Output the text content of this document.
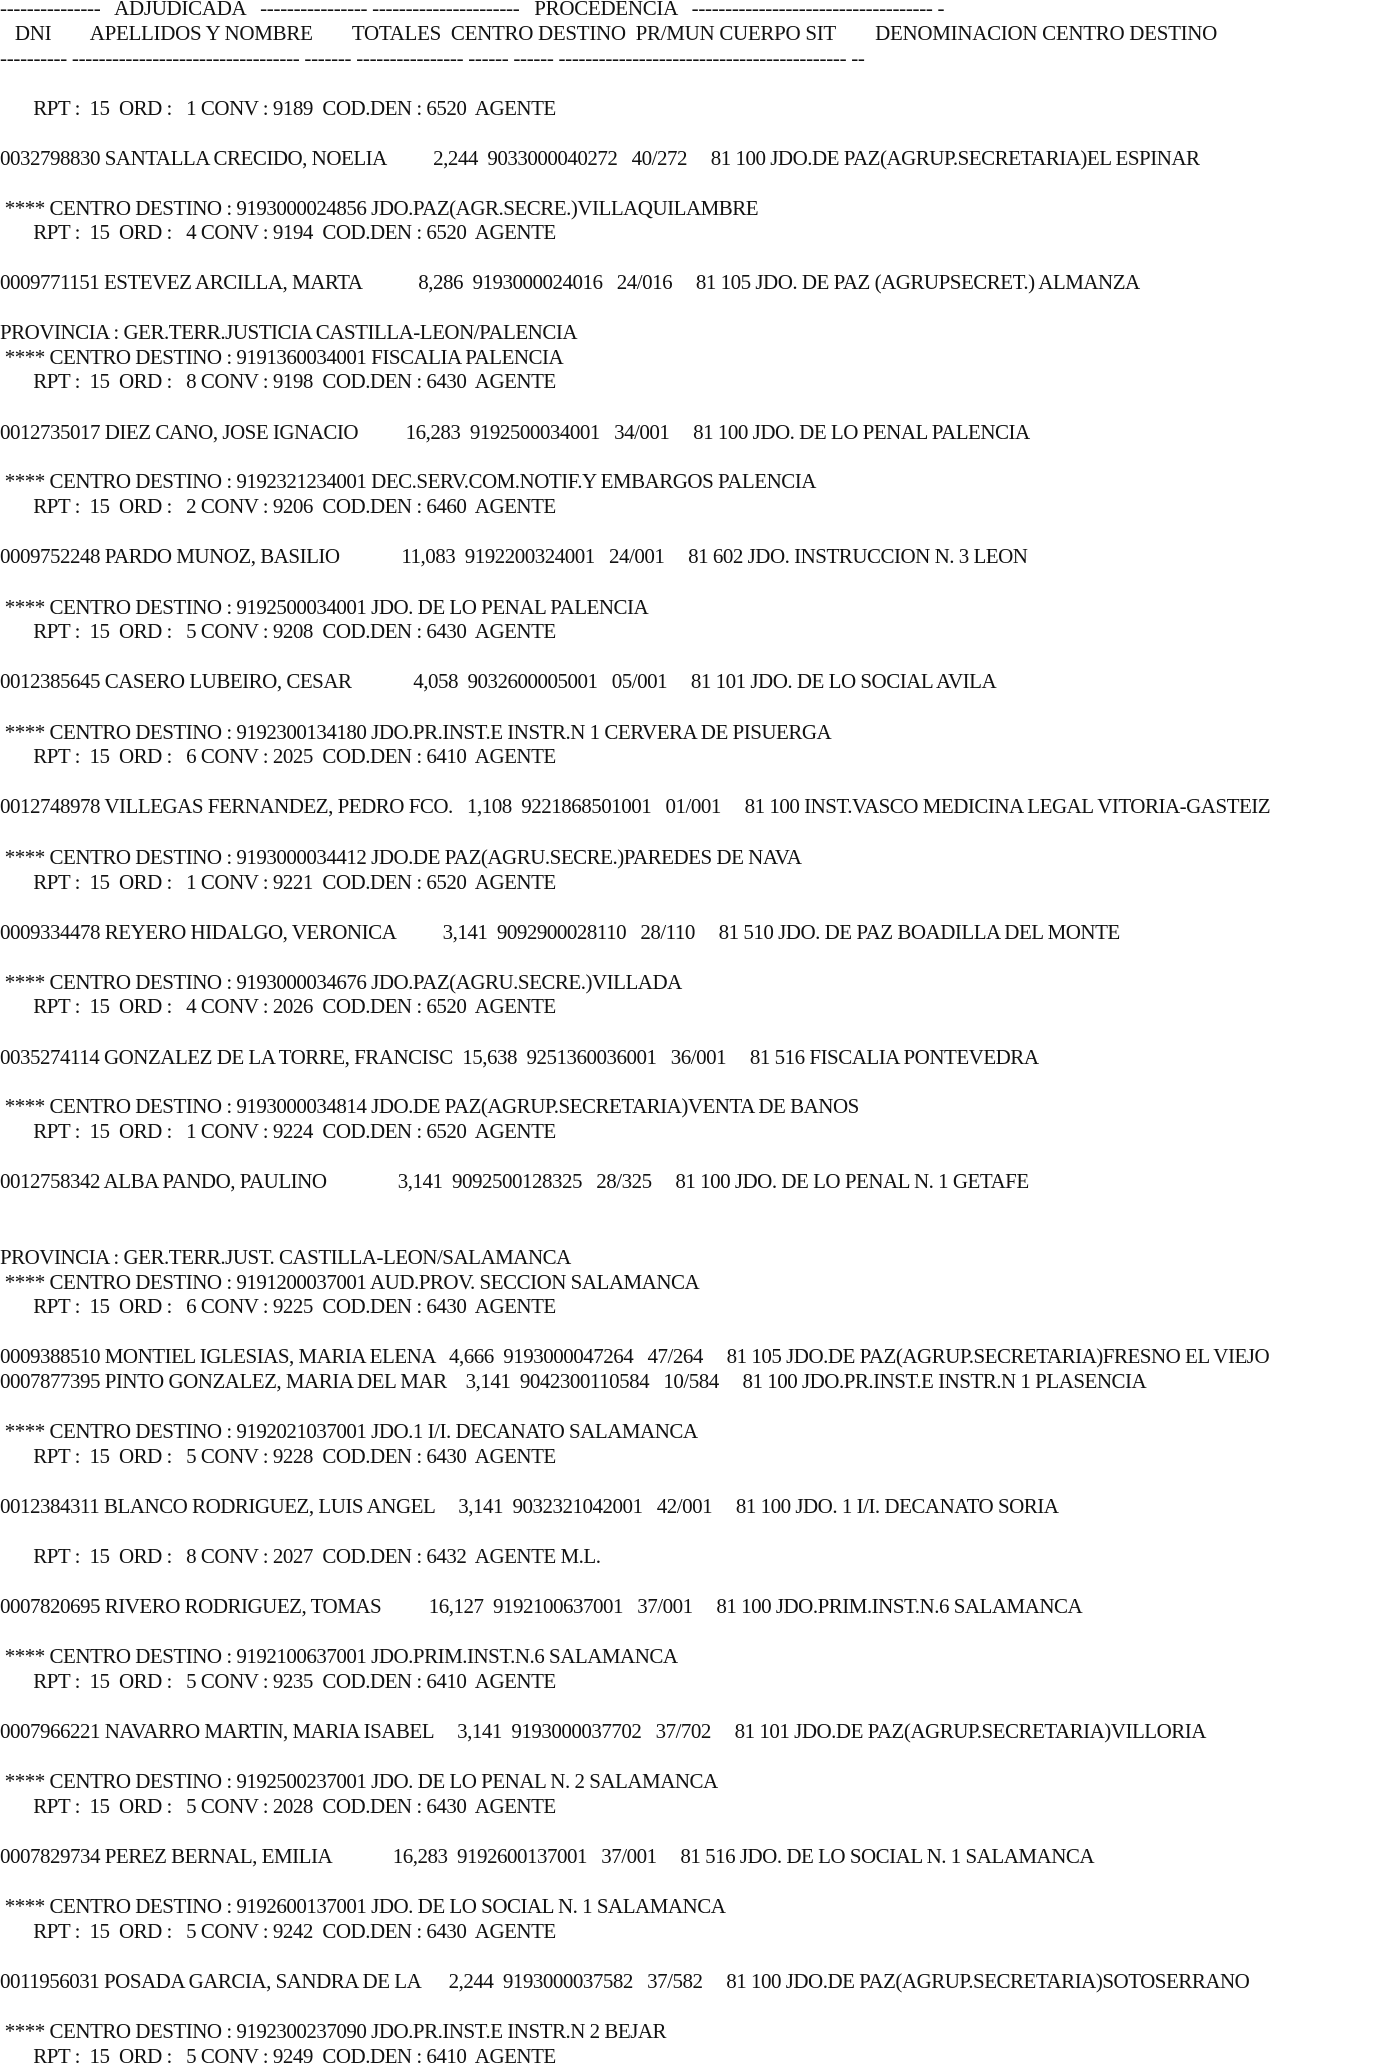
---------------   ADJUDICADA   ---------------- ----------------------   PROCEDENCIA   ------------------------------------ -
DNI        APELLIDOS Y NOMBRE        TOTALES  CENTRO DESTINO  PR/MUN CUERPO SIT        DENOMINACION CENTRO DESTINO
---------- ---------------------------------- ------- ---------------- ------ ------ ------------------------------------------- --
RPT :  15  ORD :   1 CONV : 9189  COD.DEN : 6520  AGENTE
0032798830 SANTALLA CRECIDO, NOELIA          2,244  9033000040272   40/272     81 100 JDO.DE PAZ(AGRUP.SECRETARIA)EL ESPINAR
**** CENTRO DESTINO : 9193000024856 JDO.PAZ(AGR.SECRE.)VILLAQUILAMBRE
RPT :  15  ORD :   4 CONV : 9194  COD.DEN : 6520  AGENTE
0009771151 ESTEVEZ ARCILLA, MARTA            8,286  9193000024016   24/016     81 105 JDO. DE PAZ (AGRUPSECRET.) ALMANZA
PROVINCIA : GER.TERR.JUSTICIA CASTILLA-LEON/PALENCIA
**** CENTRO DESTINO : 9191360034001 FISCALIA PALENCIA
RPT :  15  ORD :   8 CONV : 9198  COD.DEN : 6430  AGENTE
0012735017 DIEZ CANO, JOSE IGNACIO          16,283  9192500034001   34/001     81 100 JDO. DE LO PENAL PALENCIA
**** CENTRO DESTINO : 9192321234001 DEC.SERV.COM.NOTIF.Y EMBARGOS PALENCIA
RPT :  15  ORD :   2 CONV : 9206  COD.DEN : 6460  AGENTE
0009752248 PARDO MUNOZ, BASILIO             11,083  9192200324001   24/001     81 602 JDO. INSTRUCCION N. 3 LEON
**** CENTRO DESTINO : 9192500034001 JDO. DE LO PENAL PALENCIA
RPT :  15  ORD :   5 CONV : 9208  COD.DEN : 6430  AGENTE
0012385645 CASERO LUBEIRO, CESAR             4,058  9032600005001   05/001     81 101 JDO. DE LO SOCIAL AVILA
**** CENTRO DESTINO : 9192300134180 JDO.PR.INST.E INSTR.N 1 CERVERA DE PISUERGA
RPT :  15  ORD :   6 CONV : 2025  COD.DEN : 6410  AGENTE
0012748978 VILLEGAS FERNANDEZ, PEDRO FCO.   1,108  9221868501001   01/001     81 100 INST.VASCO MEDICINA LEGAL VITORIA-GASTEIZ
**** CENTRO DESTINO : 9193000034412 JDO.DE PAZ(AGRU.SECRE.)PAREDES DE NAVA
RPT :  15  ORD :   1 CONV : 9221  COD.DEN : 6520  AGENTE
0009334478 REYERO HIDALGO, VERONICA          3,141  9092900028110   28/110     81 510 JDO. DE PAZ BOADILLA DEL MONTE
**** CENTRO DESTINO : 9193000034676 JDO.PAZ(AGRU.SECRE.)VILLADA
RPT :  15  ORD :   4 CONV : 2026  COD.DEN : 6520  AGENTE
0035274114 GONZALEZ DE LA TORRE, FRANCISC  15,638  9251360036001   36/001     81 516 FISCALIA PONTEVEDRA
**** CENTRO DESTINO : 9193000034814 JDO.DE PAZ(AGRUP.SECRETARIA)VENTA DE BANOS
RPT :  15  ORD :   1 CONV : 9224  COD.DEN : 6520  AGENTE
0012758342 ALBA PANDO, PAULINO               3,141  9092500128325   28/325     81 100 JDO. DE LO PENAL N. 1 GETAFE
PROVINCIA : GER.TERR.JUST. CASTILLA-LEON/SALAMANCA
**** CENTRO DESTINO : 9191200037001 AUD.PROV. SECCION SALAMANCA
RPT :  15  ORD :   6 CONV : 9225  COD.DEN : 6430  AGENTE
0009388510 MONTIEL IGLESIAS, MARIA ELENA   4,666  9193000047264   47/264     81 105 JDO.DE PAZ(AGRUP.SECRETARIA)FRESNO EL VIEJO
0007877395 PINTO GONZALEZ, MARIA DEL MAR    3,141  9042300110584   10/584     81 100 JDO.PR.INST.E INSTR.N 1 PLASENCIA
**** CENTRO DESTINO : 9192021037001 JDO.1 I/I. DECANATO SALAMANCA
RPT :  15  ORD :   5 CONV : 9228  COD.DEN : 6430  AGENTE
0012384311 BLANCO RODRIGUEZ, LUIS ANGEL     3,141  9032321042001   42/001     81 100 JDO. 1 I/I. DECANATO SORIA
RPT :  15  ORD :   8 CONV : 2027  COD.DEN : 6432  AGENTE M.L.
0007820695 RIVERO RODRIGUEZ, TOMAS          16,127  9192100637001   37/001     81 100 JDO.PRIM.INST.N.6 SALAMANCA
**** CENTRO DESTINO : 9192100637001 JDO.PRIM.INST.N.6 SALAMANCA
RPT :  15  ORD :   5 CONV : 9235  COD.DEN : 6410  AGENTE
0007966221 NAVARRO MARTIN, MARIA ISABEL     3,141  9193000037702   37/702     81 101 JDO.DE PAZ(AGRUP.SECRETARIA)VILLORIA
**** CENTRO DESTINO : 9192500237001 JDO. DE LO PENAL N. 2 SALAMANCA
RPT :  15  ORD :   5 CONV : 2028  COD.DEN : 6430  AGENTE
0007829734 PEREZ BERNAL, EMILIA             16,283  9192600137001   37/001     81 516 JDO. DE LO SOCIAL N. 1 SALAMANCA
**** CENTRO DESTINO : 9192600137001 JDO. DE LO SOCIAL N. 1 SALAMANCA
RPT :  15  ORD :   5 CONV : 9242  COD.DEN : 6430  AGENTE
0011956031 POSADA GARCIA, SANDRA DE LA      2,244  9193000037582   37/582     81 100 JDO.DE PAZ(AGRUP.SECRETARIA)SOTOSERRANO
**** CENTRO DESTINO : 9192300237090 JDO.PR.INST.E INSTR.N 2 BEJAR
RPT :  15  ORD :   5 CONV : 9249  COD.DEN : 6410  AGENTE
